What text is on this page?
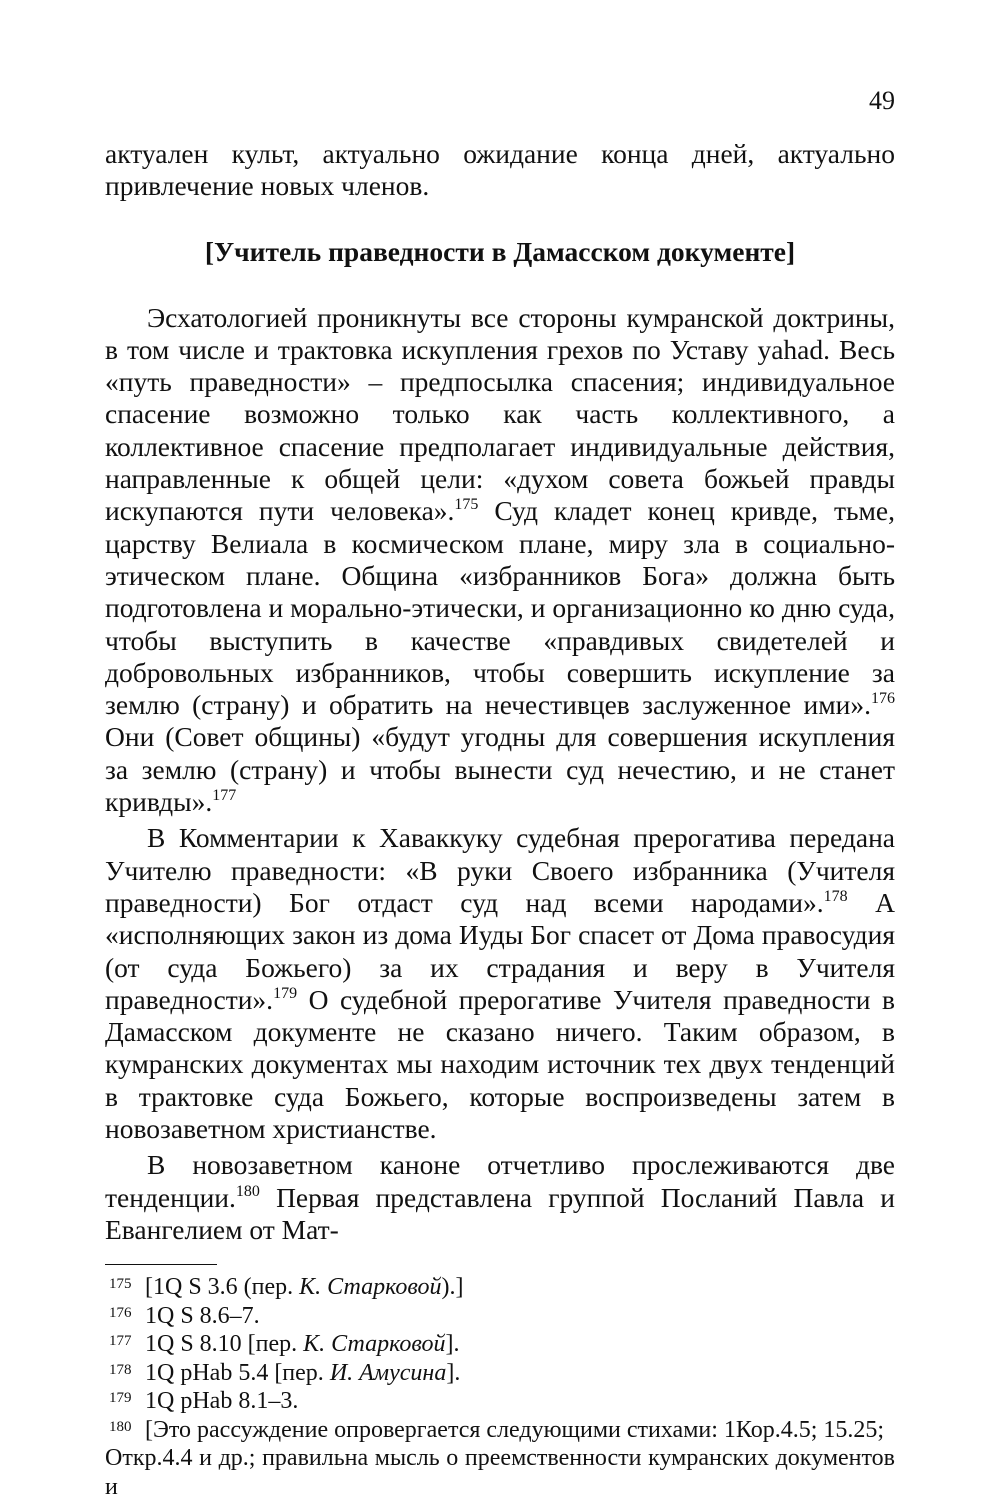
49

актуален культ, актуально ожидание конца дней, актуально привлечение новых членов.

[Учитель праведности в Дамасском документе]

Эсхатологией проникнуты все стороны кумранской доктрины, в том числе и трактовка искупления грехов по Уставу yahad. Весь «путь праведности» – предпосылка спасения; индивидуальное спасение возможно только как часть коллективного, а коллективное спасение предполагает индивидуальные действия, направленные к общей цели: «духом совета божьей правды искупаются пути человека».$^{175}$ Суд кладет конец кривде, тьме, царству Велиала в космическом плане, миру зла в социально-этическом плане. Община «избранников Бога» должна быть подготовлена и морально-этически, и организационно ко дню суда, чтобы выступить в качестве «правдивых свидетелей и добровольных избранников, чтобы совершить искупление за землю (страну) и обратить на нечестивцев заслуженное ими».$^{176}$ Они (Совет общины) «будут угодны для совершения искупления за землю (страну) и чтобы вынести суд нечестию, и не станет кривды».$^{177}$

В Комментарии к Хаваккуку судебная прерогатива передана Учителю праведности: «В руки Своего избранника (Учителя праведности) Бог отдаст суд над всеми народами».$^{178}$ А «исполняющих закон из дома Иуды Бог спасет от Дома правосудия (от суда Божьего) за их страдания и веру в Учителя праведности».$^{179}$ О судебной прерогативе Учителя праведности в Дамасском документе не сказано ничего. Таким образом, в кумранских документах мы находим источник тех двух тенденций в трактовке суда Божьего, которые воспроизведены затем в новозаветном христианстве.

В новозаветном каноне отчетливо прослеживаются две тенденции.$^{180}$ Первая представлена группой Посланий Павла и Евангелием от Мат-

175 [1Q S 3.6 (пер. К. Старковой).]
176 1Q S 8.6–7.
177 1Q S 8.10 [пер. К. Старковой].
178 1Q pHab 5.4 [пер. И. Амусина].
179 1Q pHab 8.1–3.
180 [Это рассуждение опровергается следующими стихами: 1Кор.4.5; 15.25;

Откр.4.4 и др.; правильна мысль о преемственности кумранских документов и
